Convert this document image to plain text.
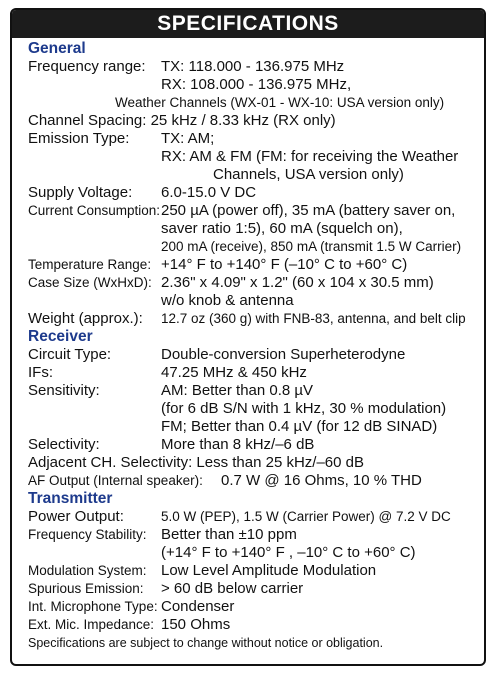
SPECIFICATIONS
General
Frequency range: TX: 118.000 - 136.975 MHz
RX: 108.000 - 136.975 MHz,
Weather Channels (WX-01 - WX-10: USA version only)
Channel Spacing: 25 kHz / 8.33 kHz (RX only)
Emission Type: TX: AM;
RX: AM & FM (FM: for receiving the Weather
Channels, USA version only)
Supply Voltage: 6.0-15.0 V DC
Current Consumption: 250 µA (power off), 35 mA (battery saver on,
saver ratio 1:5), 60 mA (squelch on),
200 mA (receive), 850 mA (transmit 1.5 W Carrier)
Temperature Range: +14° F to +140° F (–10° C to +60° C)
Case Size (WxHxD): 2.36" x 4.09" x 1.2" (60 x 104 x 30.5 mm)
w/o knob & antenna
Weight (approx.): 12.7 oz (360 g) with FNB-83, antenna, and belt clip
Receiver
Circuit Type:	Double-conversion Superheterodyne
IFs:	47.25 MHz & 450 kHz
Sensitivity:	AM: Better than 0.8 µV
(for 6 dB S/N with 1 kHz, 30 % modulation)
FM; Better than 0.4 µV (for 12 dB SINAD)
Selectivity:	More than 8 kHz/–6 dB
Adjacent CH. Selectivity: Less than 25 kHz/–60 dB
AF Output (Internal speaker): 0.7 W @ 16 Ohms, 10 % THD
Transmitter
Power Output:	5.0 W (PEP), 1.5 W (Carrier Power) @ 7.2 V DC
Frequency Stability: Better than ±10 ppm
(+14° F to +140° F , –10° C to +60° C)
Modulation System: Low Level Amplitude Modulation
Spurious Emission: > 60 dB below carrier
Int. Microphone Type: Condenser
Ext. Mic. Impedance: 150 Ohms
Specifications are subject to change without notice or obligation.
